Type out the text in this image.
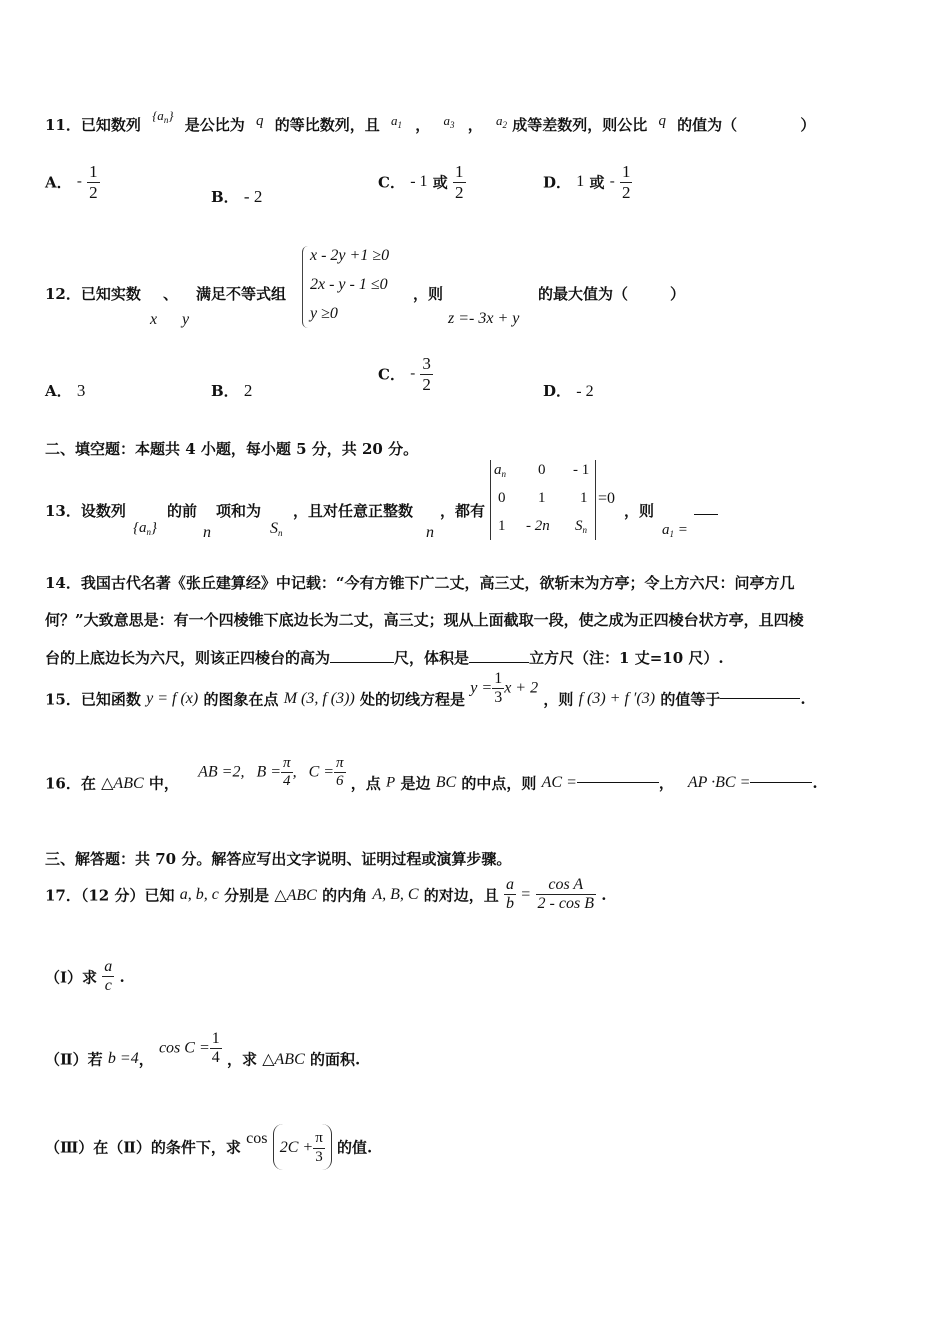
11．已知数列 $\{a_n\}$ 是公比为 q 的等比数列，且 $a_1$ ， $a_3$ ， $a_2$ 成等差数列，则公比 q 的值为（	）
A． - $\frac{1}{2}$	B． - 2
C． - 1 或 $\frac{1}{2}$	D． 1 或 - $\frac{1}{2}$
12．已知实数 、 满足不等式组
x y
x - 2y +1 ≥0
2x - y - 1 ≤0
y ≥0
，则
z =- 3x + y
的最大值为（	）
A． 3	B． 2
C． - $\frac{3}{2}$	D． - 2
二、填空题：本题共 4 小题，每小题 5 分，共 20 分。
13．设数列	的前 项和为 ，且对任意正整数 ，都有
$\{a_n\}$	n	$S_n$	n
$a_n$ 0 - 1
0 1 1
1 - 2n $S_n$
=0
，则
$a_1$ =
14．我国古代名著《张丘建算经》中记载：“今有方锥下广二丈，高三丈，欲斩末为方亭；令上方六尺：问亭方几
何？”大致意思是：有一个四棱锥下底边长为二丈，高三丈；现从上面截取一段，使之成为正四棱台状方亭，且四棱
台的上底边长为六尺，则该正四棱台的高为	尺，体积是	立方尺（注：1 丈=10 尺）.
15．已知函数 y = f (x) 的图象在点 M (3, f (3)) 处的切线方程是 $y = \frac{1}{3}$ x + 2 ，则 f (3) + f ′(3) 的值等于	.
16．在 △ABC 中， AB =2, $B = \frac{\pi}{4}$ , $C = \frac{\pi}{6}$ ，点 P 是边 BC 的中点，则 AC =	， AP ·BC =	.
三、解答题：共 70 分。解答应写出文字说明、证明过程或演算步骤。
17．（12 分）已知 a, b, c 分别是 △ABC 的内角 A, B, C 的对边，且 $\frac{a}{b} = \frac{\text{cos A}}{\text{2 - cos B}}$ .
（Ⅰ）求 $\frac{a}{c}$ .
（Ⅱ）若 b =4， $\cos C = \frac{1}{4}$ ，求 △ABC 的面积.
（Ⅲ）在（Ⅱ）的条件下，求 $\cos 2C + \frac{\pi}{3}$ 的值.
